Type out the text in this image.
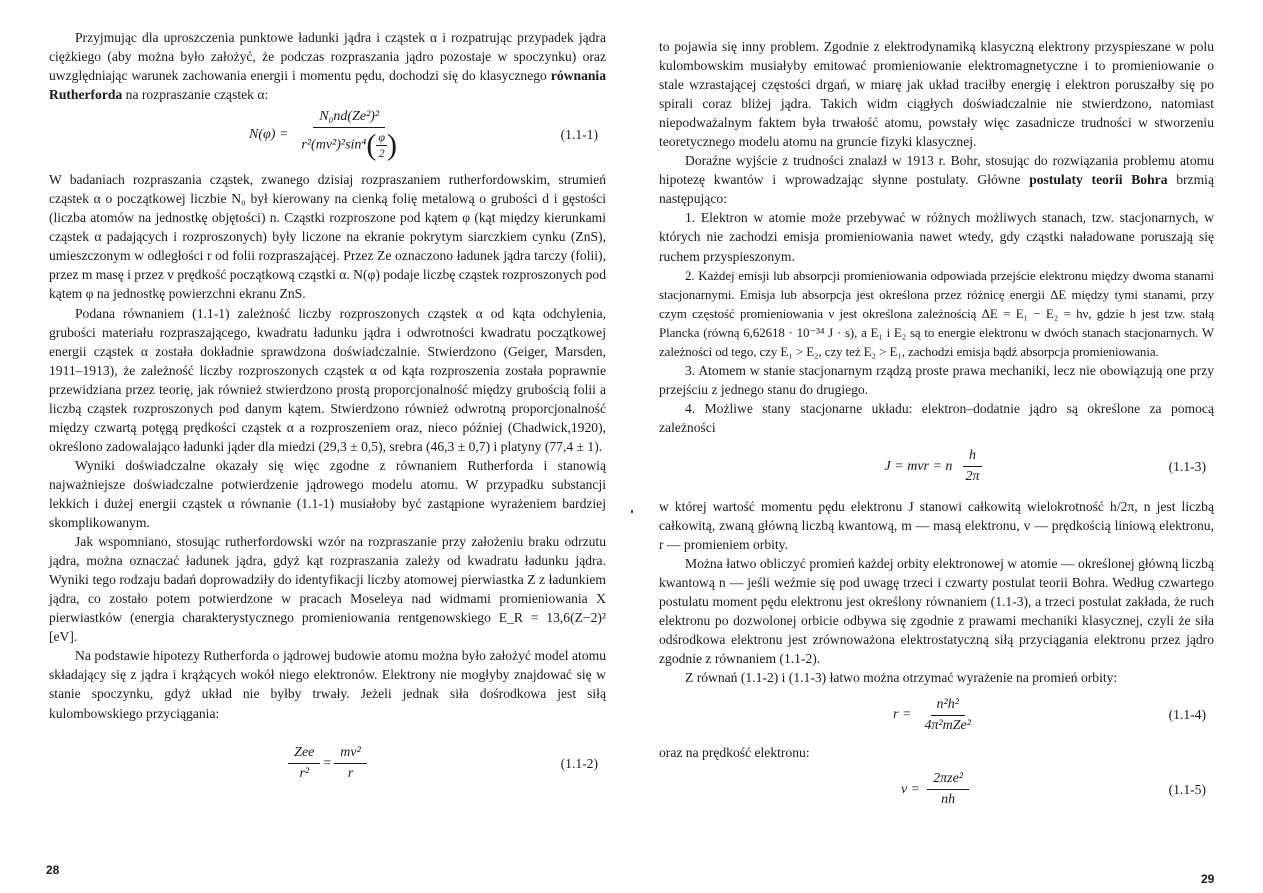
Przyjmując dla uproszczenia punktowe ładunki jądra i cząstek α i rozpatrując przypadek jądra ciężkiego (aby można było założyć, że podczas rozpraszania jądro pozostaje w spoczynku) oraz uwzględniając warunek zachowania energii i momentu pędu, dochodzi się do klasycznego równania Rutherforda na rozpraszanie cząstek α:

$N(\varphi) = \frac{\text{N₀nd(Ze²)²}}{r^2(mv^2)^2\sin^4( \frac{\varphi}{2} )}$	(1.1-1)

W badaniach rozpraszania cząstek, zwanego dzisiaj rozpraszaniem rutherfordowskim, strumień cząstek α o początkowej liczbie N₀ był kierowany na cienką folię metalową o grubości d i gęstości (liczba atomów na jednostkę objętości) n. Cząstki rozproszone pod kątem φ (kąt między kierunkami cząstek α padających i rozproszonych) były liczone na ekranie pokrytym siarczkiem cynku (ZnS), umieszczonym w odległości r od folii rozpraszającej. Przez Ze oznaczono ładunek jądra tarczy (folii), przez m masę i przez v prędkość początkową cząstki α. N(φ) podaje liczbę cząstek rozproszonych pod kątem φ na jednostkę powierzchni ekranu ZnS.

Podana równaniem (1.1-1) zależność liczby rozproszonych cząstek α od kąta odchylenia, grubości materiału rozpraszającego, kwadratu ładunku jądra i odwrotności kwadratu początkowej energii cząstek α została dokładnie sprawdzona doświadczalnie. Stwierdzono (Geiger, Marsden, 1911–1913), że zależność liczby rozproszonych cząstek α od kąta rozproszenia została poprawnie przewidziana przez teorię, jak również stwierdzono prostą proporcjonalność między grubością folii a liczbą cząstek rozproszonych pod danym kątem. Stwierdzono również odwrotną proporcjonalność między czwartą potęgą prędkości cząstek α a rozproszeniem oraz, nieco później (Chadwick,1920), określono zadowalająco ładunki jąder dla miedzi (29,3 ± 0,5), srebra (46,3 ± 0,7) i platyny (77,4 ± 1).

Wyniki doświadczalne okazały się więc zgodne z równaniem Rutherforda i stanowią najważniejsze doświadczalne potwierdzenie jądrowego modelu atomu. W przypadku substancji lekkich i dużej energii cząstek α równanie (1.1-1) musiałoby być zastąpione wyrażeniem bardziej skomplikowanym.

Jak wspomniano, stosując rutherfordowski wzór na rozpraszanie przy założeniu braku odrzutu jądra, można oznaczać ładunek jądra, gdyż kąt rozpraszania zależy od kwadratu ładunku jądra. Wyniki tego rodzaju badań doprowadziły do identyfikacji liczby atomowej pierwiastka Z z ładunkiem jądra, co zostało potem potwierdzone w pracach Moseleya nad widmami promieniowania X pierwiastków (energia charakterystycznego promieniowania rentgenowskiego E_R = 13,6(Z−2)² [eV].

Na podstawie hipotezy Rutherforda o jądrowej budowie atomu można było założyć model atomu składający się z jądra i krążących wokół niego elektronów. Elektrony nie mogłyby znajdować się w stanie spoczynku, gdyż układ nie byłby trwały. Jeżeli jednak siła dośrodkowa jest siłą kulombowskiego przyciągania:

$\frac{\text{Zee}}{\text{r²}} = \frac{\text{mv²}}{r}$	(1.1-2)
28

to pojawia się inny problem. Zgodnie z elektrodynamiką klasyczną elektrony przyspieszane w polu kulombowskim musiałyby emitować promieniowanie elektromagnetyczne i to promieniowanie o stale wzrastającej częstości drgań, w miarę jak układ traciłby energię i elektron poruszałby się po spirali coraz bliżej jądra. Takich widm ciągłych doświadczalnie nie stwierdzono, natomiast niepodważalnym faktem była trwałość atomu, powstały więc zasadnicze trudności w stworzeniu teoretycznego modelu atomu na gruncie fizyki klasycznej.

Doraźne wyjście z trudności znalazł w 1913 r. Bohr, stosując do rozwiązania problemu atomu hipotezę kwantów i wprowadzając słynne postulaty. Główne postulaty teorii Bohra brzmią następująco:

1. Elektron w atomie może przebywać w różnych możliwych stanach, tzw. stacjonarnych, w których nie zachodzi emisja promieniowania nawet wtedy, gdy cząstki naładowane poruszają się ruchem przyspieszonym.

2. Każdej emisji lub absorpcji promieniowania odpowiada przejście elektronu między dwoma stanami stacjonarnymi. Emisja lub absorpcja jest określona przez różnicę energii ΔE między tymi stanami, przy czym częstość promieniowania ν jest określona zależnością ΔE = E₁ − E₂ = hν, gdzie h jest tzw. stałą Plancka (równą 6,62618 · 10⁻³⁴ J · s), a E₁ i E₂ są to energie elektronu w dwóch stanach stacjonarnych. W zależności od tego, czy E₁ > E₂, czy też E₂ > E₁, zachodzi emisja bądź absorpcja promieniowania.

3. Atomem w stanie stacjonarnym rządzą proste prawa mechaniki, lecz nie obowiązują one przy przejściu z jednego stanu do drugiego.

4. Możliwe stany stacjonarne układu: elektron–dodatnie jądro są określone za pomocą zależności

J = mvr = n $\frac{h}{2\pi}$	(1.1-3)

w której wartość momentu pędu elektronu J stanowi całkowitą wielokrotność h/2π, n jest liczbą całkowitą, zwaną główną liczbą kwantową, m — masą elektronu, v — prędkością liniową elektronu, r — promieniem orbity.

Można łatwo obliczyć promień każdej orbity elektronowej w atomie — określonej główną liczbą kwantową n — jeśli weźmie się pod uwagę trzeci i czwarty postulat teorii Bohra. Według czwartego postulatu moment pędu elektronu jest określony równaniem (1.1-3), a trzeci postulat zakłada, że ruch elektronu po dozwolonej orbicie odbywa się zgodnie z prawami mechaniki klasycznej, czyli że siła odśrodkowa elektronu jest zrównoważona elektrostatyczną siłą przyciągania elektronu przez jądro zgodnie z równaniem (1.1-2).

Z równań (1.1-2) i (1.1-3) łatwo można otrzymać wyrażenie na promień orbity:

$r = \frac{\text{n²h²}}{\text{4π²mZe²}}$	(1.1-4)

oraz na prędkość elektronu:

$v = \frac{\text{2πze²}}{nh}$	(1.1-5)
29
